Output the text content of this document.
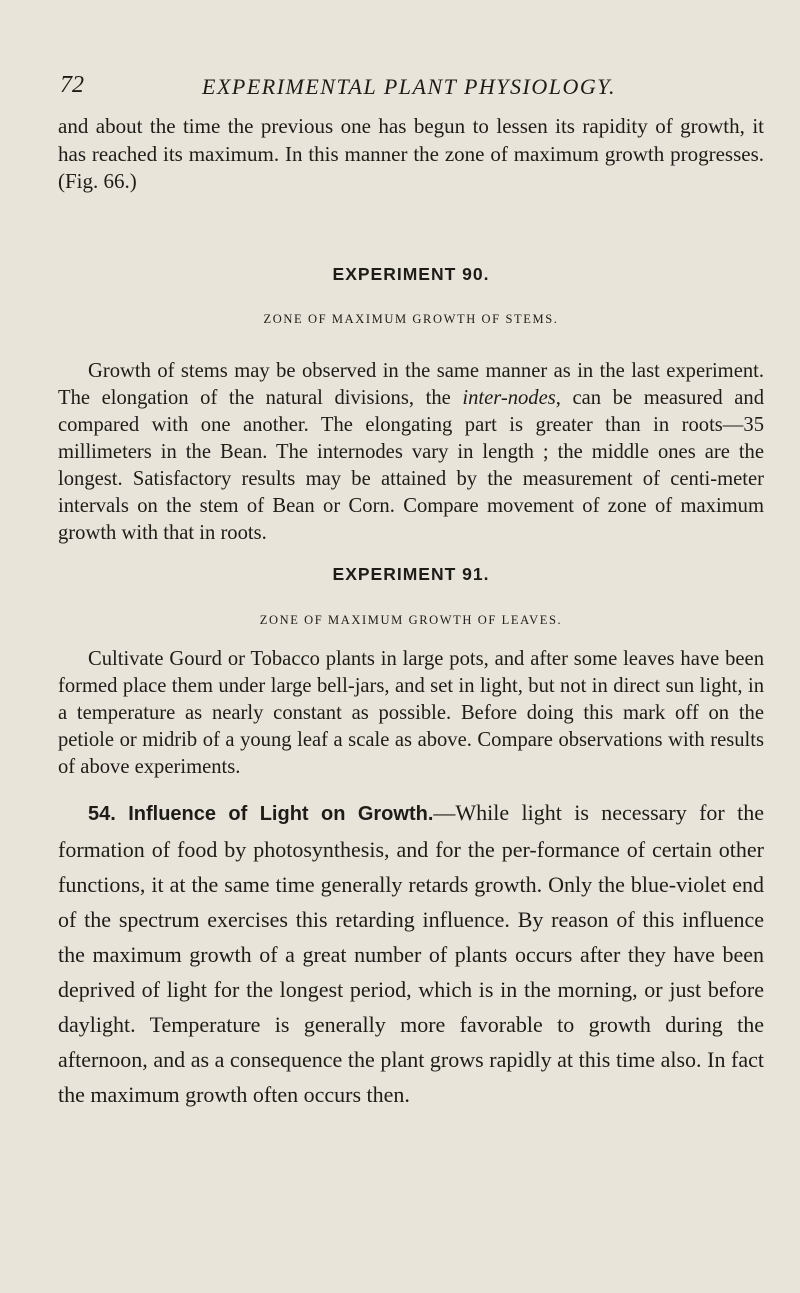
72	EXPERIMENTAL PLANT PHYSIOLOGY.

and about the time the previous one has begun to lessen its rapidity of growth, it has reached its maximum. In this manner the zone of maximum growth progresses. (Fig. 66.)

EXPERIMENT 90.
ZONE OF MAXIMUM GROWTH OF STEMS.

Growth of stems may be observed in the same manner as in the last experiment. The elongation of the natural divisions, the inter-nodes, can be measured and compared with one another. The elongating part is greater than in roots—35 millimeters in the Bean. The internodes vary in length ; the middle ones are the longest. Satisfactory results may be attained by the measurement of centi-meter intervals on the stem of Bean or Corn. Compare movement of zone of maximum growth with that in roots.

EXPERIMENT 91.
ZONE OF MAXIMUM GROWTH OF LEAVES.

Cultivate Gourd or Tobacco plants in large pots, and after some leaves have been formed place them under large bell-jars, and set in light, but not in direct sun light, in a temperature as nearly constant as possible. Before doing this mark off on the petiole or midrib of a young leaf a scale as above. Compare observations with results of above experiments.

54. Influence of Light on Growth.—While light is necessary for the formation of food by photosynthesis, and for the per-formance of certain other functions, it at the same time generally retards growth. Only the blue-violet end of the spectrum exercises this retarding influence. By reason of this influence the maximum growth of a great number of plants occurs after they have been deprived of light for the longest period, which is in the morning, or just before daylight. Temperature is generally more favorable to growth during the afternoon, and as a consequence the plant grows rapidly at this time also. In fact the maximum growth often occurs then.
